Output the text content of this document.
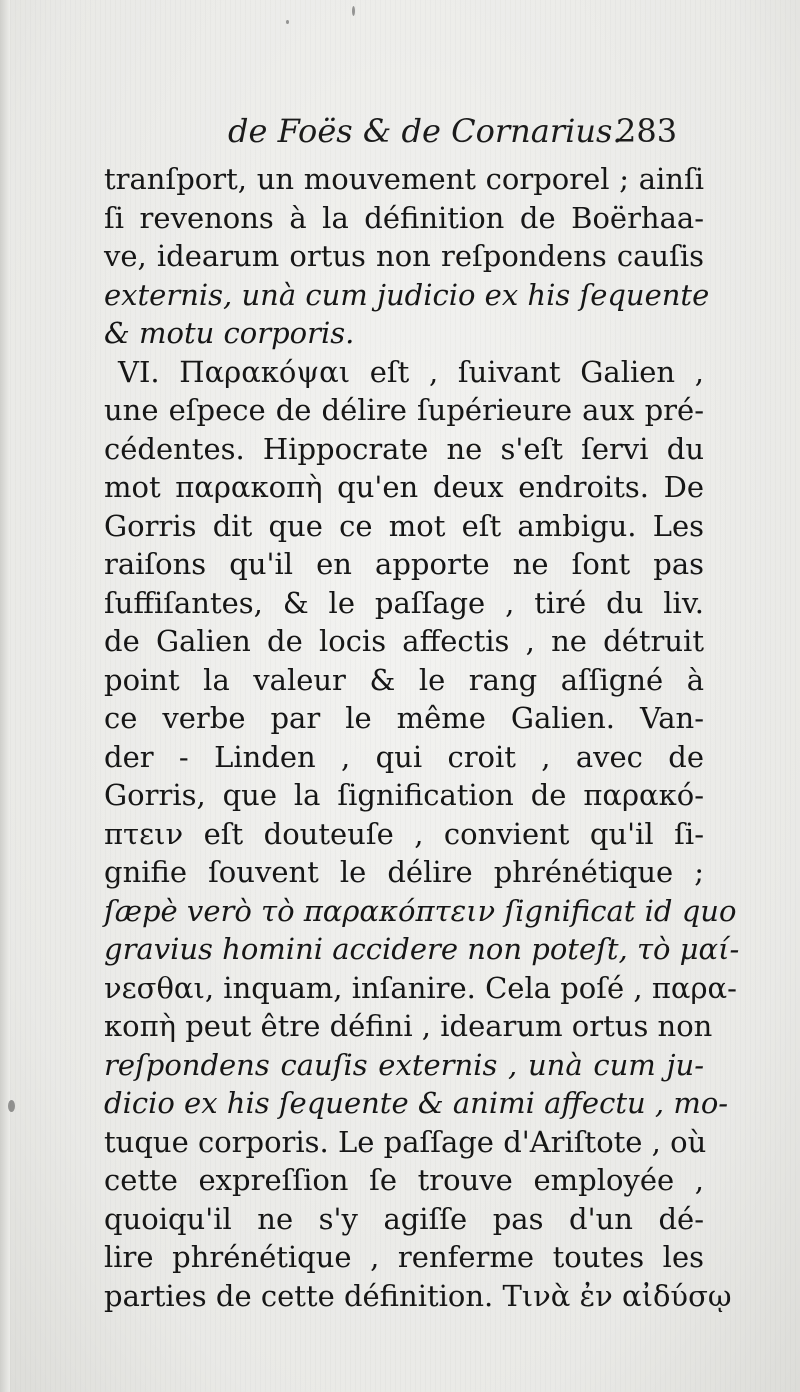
de Foës & de Cornarius.
283
tranſport, un mouvement corporel ; ainſi
ſi revenons à la définition de Boërhaa-
ve, idearum ortus non reſpondens cauſis
externis, unà cum judicio ex his ſequente
& motu corporis.
VI. Παρακόψαι eſt , ſuivant Galien ,
une eſpece de délire ſupérieure aux pré-
cédentes. Hippocrate ne s'eſt ſervi du
mot παρακοπὴ qu'en deux endroits. De
Gorris dit que ce mot eſt ambigu. Les
raiſons qu'il en apporte ne ſont pas
ſuffiſantes, & le paſſage , tiré du liv.
de Galien de locis affectis , ne détruit
point la valeur & le rang aſſigné à
ce verbe par le même Galien. Van-
der - Linden , qui croit , avec de
Gorris, que la ſignification de παρακό-
πτειν eſt douteuſe , convient qu'il ſi-
gnifie ſouvent le délire phrénétique ;
ſæpè verò τὸ παρακόπτειν ſignificat id quo
gravius homini accidere non poteſt, τὸ μαί-
νεσθαι, inquam, inſanire. Cela poſé , παρα-
κοπὴ peut être défini , idearum ortus non
reſpondens cauſis externis , unà cum ju-
dicio ex his ſequente & animi affectu , mo-
tuque corporis. Le paſſage d'Ariſtote , où
cette expreſſion ſe trouve employée ,
quoiqu'il ne s'y agiſſe pas d'un dé-
lire phrénétique , renferme toutes les
parties de cette définition. Τινὰ ἐν αἰδύσῳ
